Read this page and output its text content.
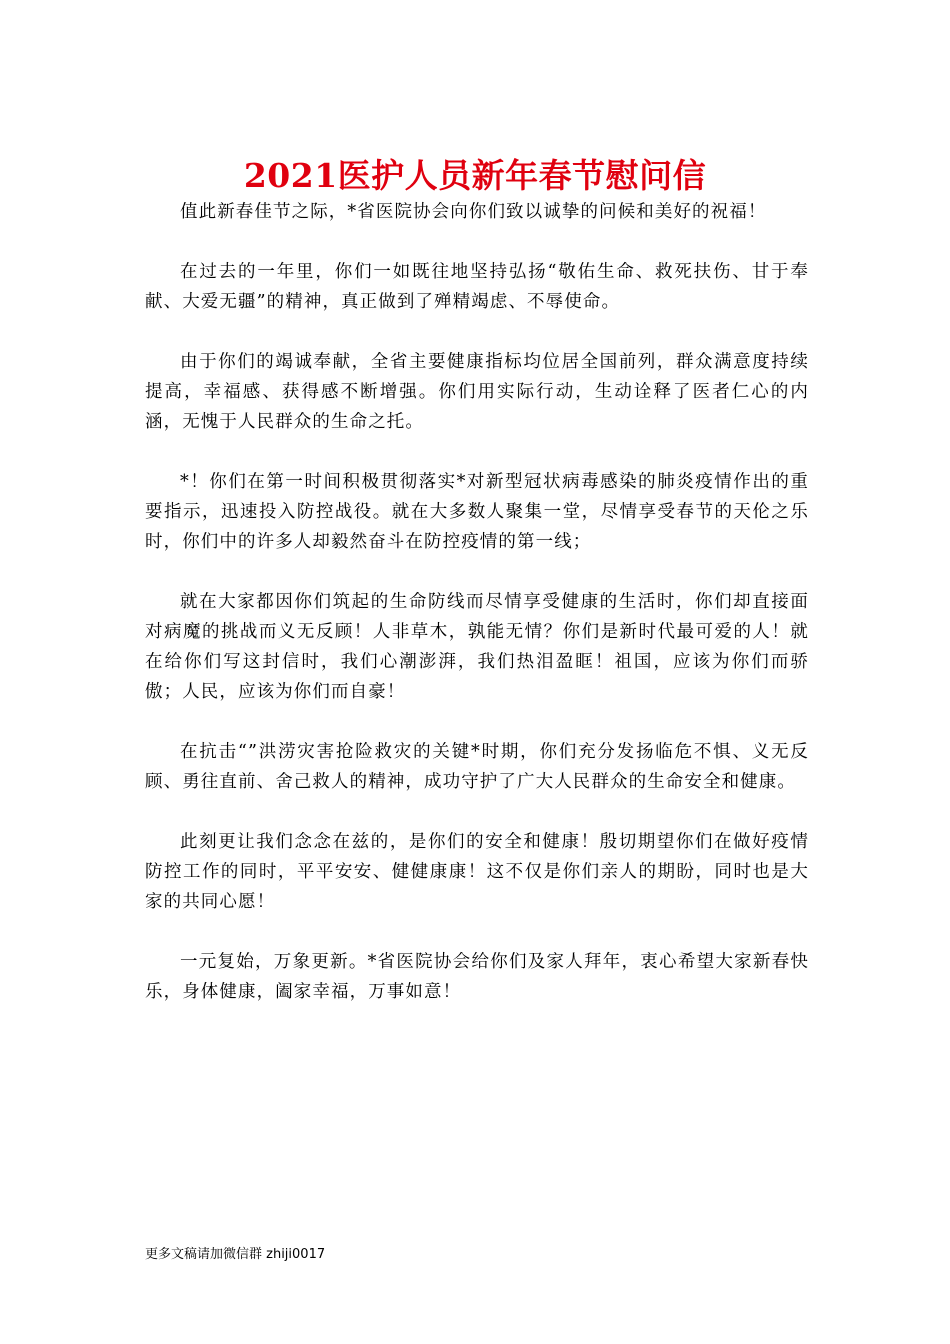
2021医护人员新年春节慰问信

值此新春佳节之际，*省医院协会向你们致以诚挚的问候和美好的祝福！

在过去的一年里，你们一如既往地坚持弘扬“敬佑生命、救死扶伤、甘于奉献、大爱无疆”的精神，真正做到了殚精竭虑、不辱使命。

由于你们的竭诚奉献，全省主要健康指标均位居全国前列，群众满意度持续提高，幸福感、获得感不断增强。你们用实际行动，生动诠释了医者仁心的内涵，无愧于人民群众的生命之托。

*！你们在第一时间积极贯彻落实*对新型冠状病毒感染的肺炎疫情作出的重要指示，迅速投入防控战役。就在大多数人聚集一堂，尽情享受春节的天伦之乐时，你们中的许多人却毅然奋斗在防控疫情的第一线；

就在大家都因你们筑起的生命防线而尽情享受健康的生活时，你们却直接面对病魔的挑战而义无反顾！人非草木，孰能无情？你们是新时代最可爱的人！就在给你们写这封信时，我们心潮澎湃，我们热泪盈眶！祖国，应该为你们而骄傲；人民，应该为你们而自豪！

在抗击“”洪涝灾害抢险救灾的关键*时期，你们充分发扬临危不惧、义无反顾、勇往直前、舍己救人的精神，成功守护了广大人民群众的生命安全和健康。

此刻更让我们念念在兹的，是你们的安全和健康！殷切期望你们在做好疫情防控工作的同时，平平安安、健健康康！这不仅是你们亲人的期盼，同时也是大家的共同心愿！

一元复始，万象更新。*省医院协会给你们及家人拜年，衷心希望大家新春快乐，身体健康，阖家幸福，万事如意！

更多文稿请加微信群 zhiji0017
